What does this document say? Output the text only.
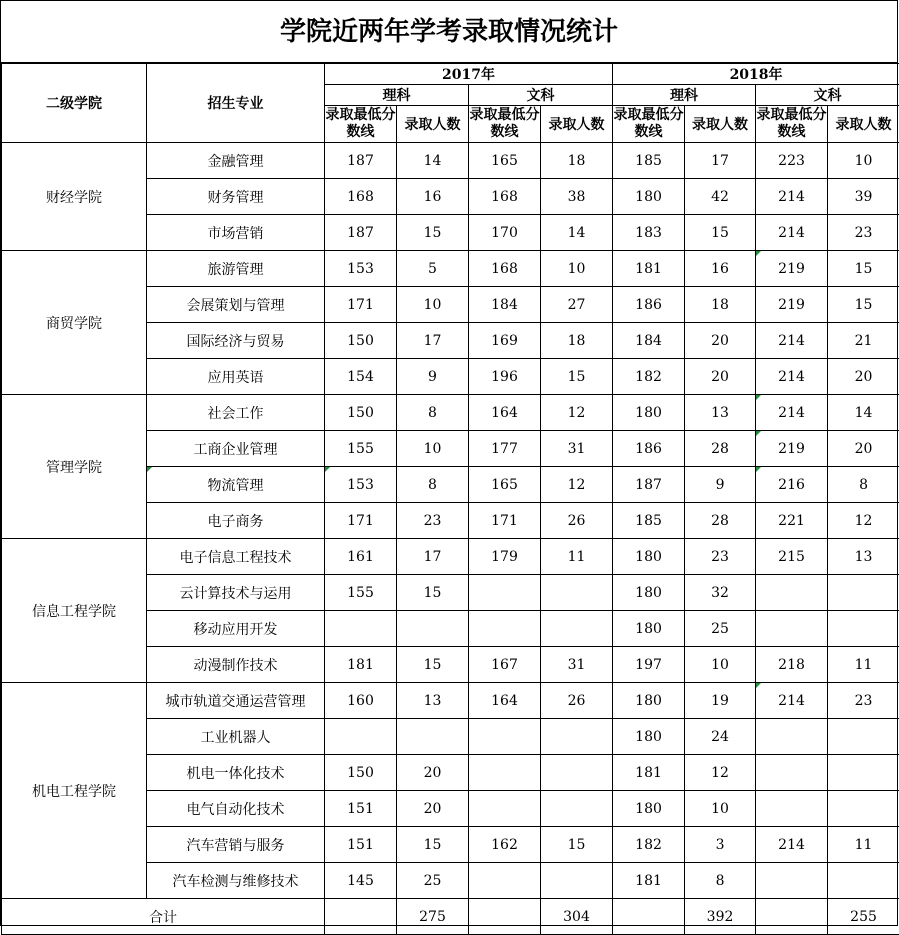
学院近两年学考录取情况统计
二级学院	招生专业	2017年				2018年			
		理科		文科		理科		文科	
		录取最低分数线	录取人数	录取最低分数线	录取人数	录取最低分数线	录取人数	录取最低分数线	录取人数
财经学院	金融管理	187	14	165	18	185	17	223	10
	财务管理	168	16	168	38	180	42	214	39
	市场营销	187	15	170	14	183	15	214	23
商贸学院	旅游管理	153	5	168	10	181	16	219	15
	会展策划与管理	171	10	184	27	186	18	219	15
	国际经济与贸易	150	17	169	18	184	20	214	21
	应用英语	154	9	196	15	182	20	214	20
管理学院	社会工作	150	8	164	12	180	13	214	14
	工商企业管理	155	10	177	31	186	28	219	20
	物流管理	153	8	165	12	187	9	216	8
	电子商务	171	23	171	26	185	28	221	12
信息工程学院	电子信息工程技术	161	17	179	11	180	23	215	13
	云计算技术与运用	155	15			180	32		
	移动应用开发					180	25		
	动漫制作技术	181	15	167	31	197	10	218	11
机电工程学院	城市轨道交通运营管理	160	13	164	26	180	19	214	23
	工业机器人					180	24		
	机电一体化技术	150	20			181	12		
	电气自动化技术	151	20			180	10		
	汽车营销与服务	151	15	162	15	182	3	214	11
	汽车检测与维修技术	145	25			181	8		
合计			275		304		392		255
